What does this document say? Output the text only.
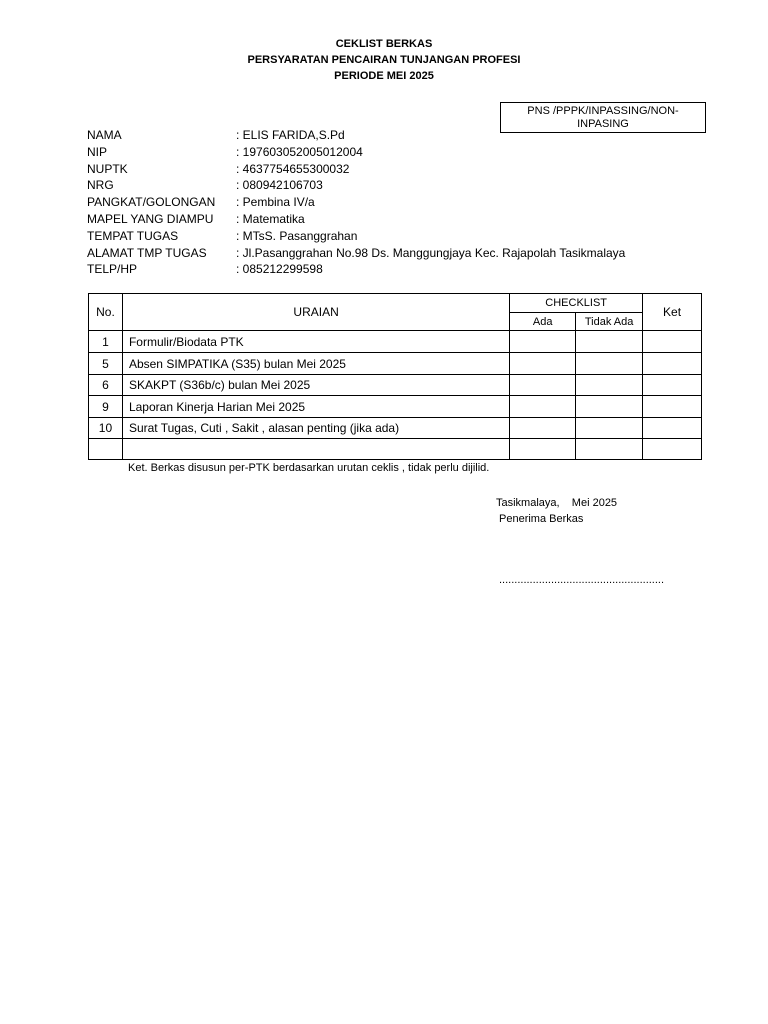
CEKLIST BERKAS
PERSYARATAN PENCAIRAN TUNJANGAN PROFESI
PERIODE MEI 2025
PNS /PPPK/INPASSING/NON-
INPASING
NAMA	: ELIS FARIDA,S.Pd
NIP	: 197603052005012004
NUPTK	: 4637754655300032
NRG	: 080942106703
PANGKAT/GOLONGAN	: Pembina IV/a
MAPEL YANG DIAMPU	: Matematika
TEMPAT TUGAS	: MTsS. Pasanggrahan
ALAMAT TMP TUGAS	: Jl.Pasanggrahan No.98 Ds. Manggungjaya Kec. Rajapolah Tasikmalaya
TELP/HP	: 085212299598
No.	URAIAN	CHECKLIST		Ket
		Ada	Tidak Ada	
1	Formulir/Biodata PTK			
5	Absen SIMPATIKA (S35) bulan Mei 2025			
6	SKAKPT (S36b/c) bulan Mei 2025			
9	Laporan Kinerja Harian Mei 2025			
10	Surat Tugas, Cuti , Sakit , alasan penting (jika ada)			

Ket. Berkas disusun per-PTK berdasarkan urutan ceklis , tidak perlu dijilid.
Tasikmalaya,    Mei 2025
Penerima Berkas
......................................................
